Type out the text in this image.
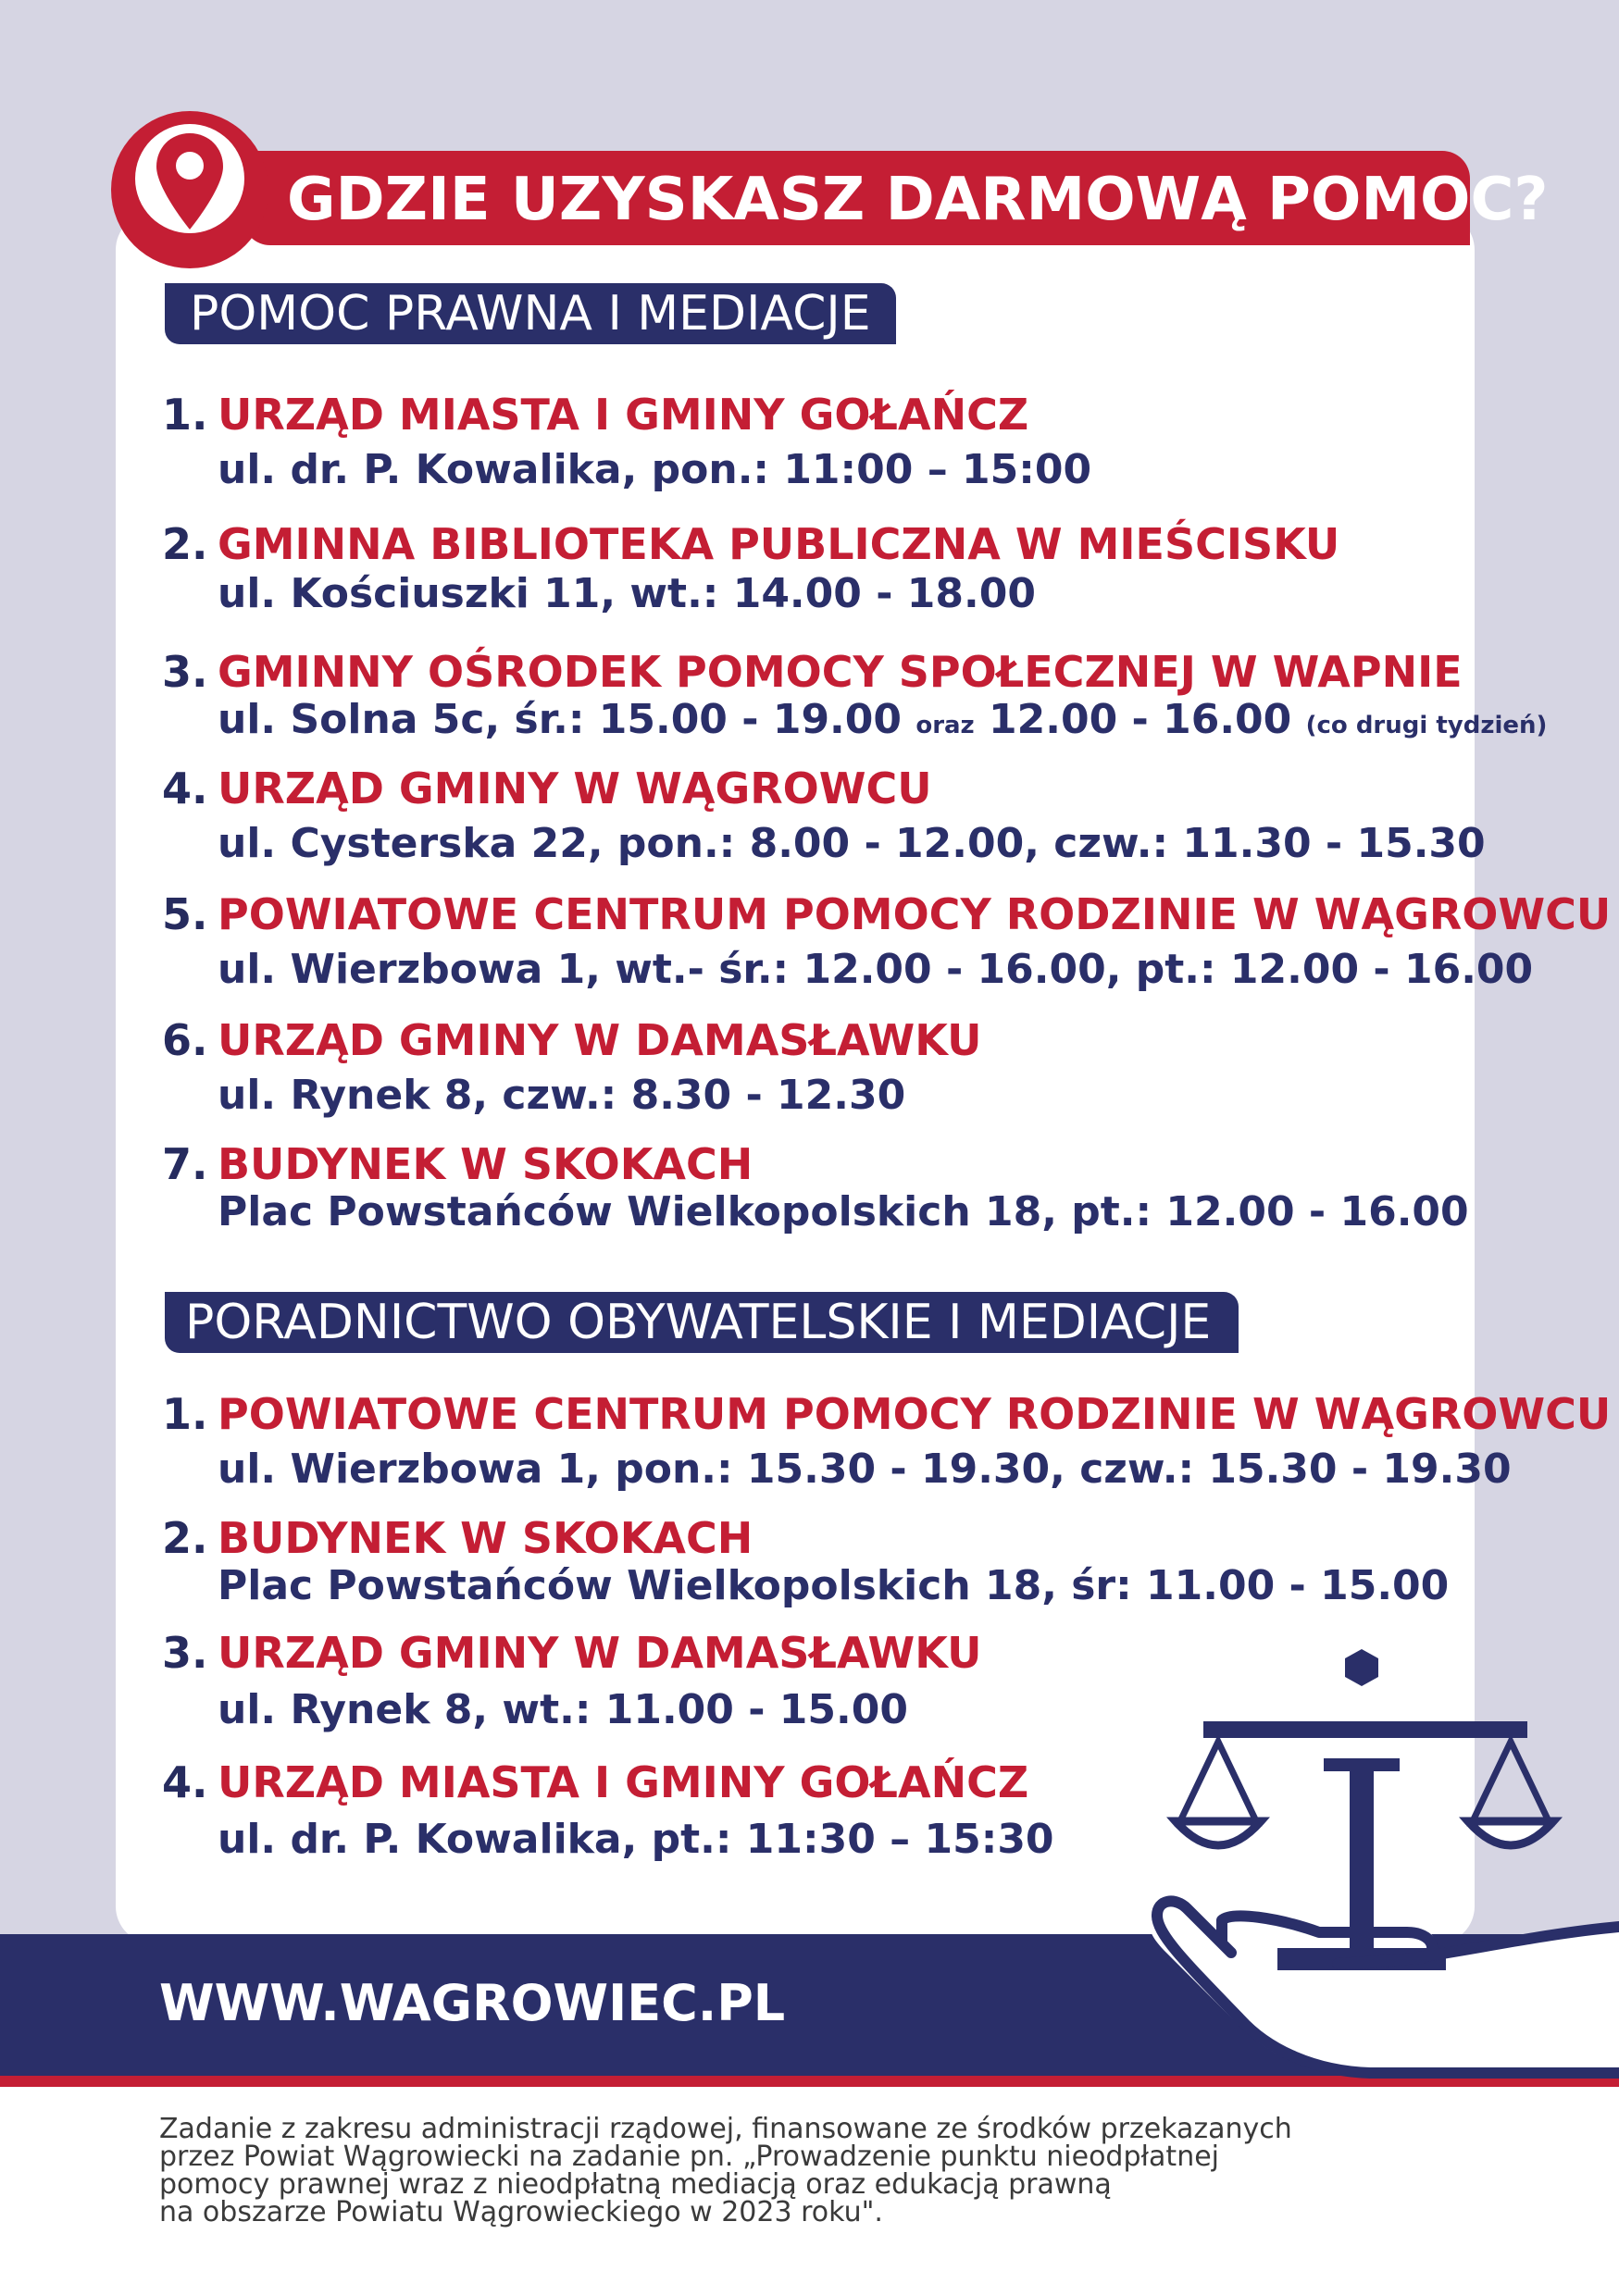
GDZIE UZYSKASZ DARMOWĄ POMOC?
POMOC PRAWNA I MEDIACJE
1. URZĄD MIASTA I GMINY GOŁAŃCZ
ul. dr. P. Kowalika, pon.: 11:00 – 15:00
2. GMINNA BIBLIOTEKA PUBLICZNA W MIEŚCISKU
ul. Kościuszki 11, wt.: 14.00 - 18.00
3. GMINNY OŚRODEK POMOCY SPOŁECZNEJ W WAPNIE
ul. Solna 5c, śr.: 15.00 - 19.00 oraz 12.00 - 16.00 (co drugi tydzień)
4. URZĄD GMINY W WĄGROWCU
ul. Cysterska 22, pon.: 8.00 - 12.00, czw.: 11.30 - 15.30
5. POWIATOWE CENTRUM POMOCY RODZINIE W WĄGROWCU
ul. Wierzbowa 1, wt.- śr.: 12.00 - 16.00, pt.: 12.00 - 16.00
6. URZĄD GMINY W DAMASŁAWKU
ul. Rynek 8, czw.: 8.30 - 12.30
7. BUDYNEK W SKOKACH
Plac Powstańców Wielkopolskich 18, pt.: 12.00 - 16.00
PORADNICTWO OBYWATELSKIE I MEDIACJE
1. POWIATOWE CENTRUM POMOCY RODZINIE W WĄGROWCU
ul. Wierzbowa 1, pon.: 15.30 - 19.30, czw.: 15.30 - 19.30
2. BUDYNEK W SKOKACH
Plac Powstańców Wielkopolskich 18, śr: 11.00 - 15.00
3. URZĄD GMINY W DAMASŁAWKU
ul. Rynek 8, wt.: 11.00 - 15.00
4. URZĄD MIASTA I GMINY GOŁAŃCZ
ul. dr. P. Kowalika, pt.: 11:30 – 15:30
WWW.WAGROWIEC.PL
Zadanie z zakresu administracji rządowej, finansowane ze środków przekazanych
przez Powiat Wągrowiecki na zadanie pn. „Prowadzenie punktu nieodpłatnej
pomocy prawnej wraz z nieodpłatną mediacją oraz edukacją prawną
na obszarze Powiatu Wągrowieckiego w 2023 roku".
